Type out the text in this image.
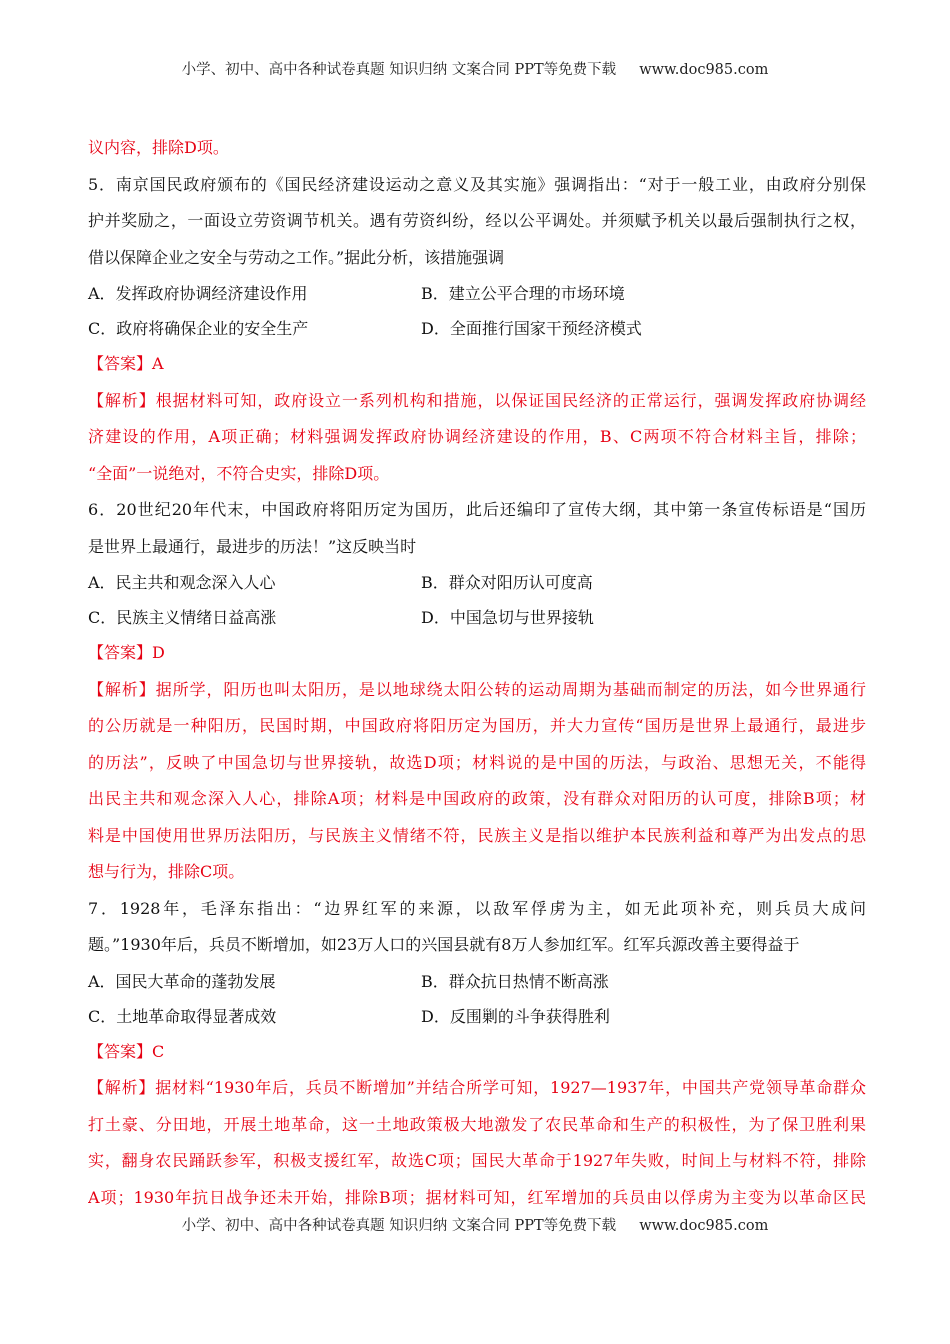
小学、初中、高中各种试卷真题 知识归纳 文案合同 PPT等免费下载     www.doc985.com
议内容，排除D项。
5．南京国民政府颁布的《国民经济建设运动之意义及其实施》强调指出：“对于一般工业，由政府分别保
护并奖励之，一面设立劳资调节机关。遇有劳资纠纷，经以公平调处。并须赋予机关以最后强制执行之权，
借以保障企业之安全与劳动之工作。”据此分析，该措施强调
A．发挥政府协调经济建设作用	B．建立公平合理的市场环境
C．政府将确保企业的安全生产	D．全面推行国家干预经济模式
【答案】A
【解析】根据材料可知，政府设立一系列机构和措施，以保证国民经济的正常运行，强调发挥政府协调经
济建设的作用，A项正确；材料强调发挥政府协调经济建设的作用，B、C两项不符合材料主旨，排除；
“全面”一说绝对，不符合史实，排除D项。
6．20世纪20年代末，中国政府将阳历定为国历，此后还编印了宣传大纲，其中第一条宣传标语是“国历
是世界上最通行，最进步的历法！”这反映当时
A．民主共和观念深入人心	B．群众对阳历认可度高
C．民族主义情绪日益高涨	D．中国急切与世界接轨
【答案】D
【解析】据所学，阳历也叫太阳历，是以地球绕太阳公转的运动周期为基础而制定的历法，如今世界通行
的公历就是一种阳历，民国时期，中国政府将阳历定为国历，并大力宣传“国历是世界上最通行，最进步
的历法”，反映了中国急切与世界接轨，故选D项；材料说的是中国的历法，与政治、思想无关，不能得
出民主共和观念深入人心，排除A项；材料是中国政府的政策，没有群众对阳历的认可度，排除B项；材
料是中国使用世界历法阳历，与民族主义情绪不符，民族主义是指以维护本民族利益和尊严为出发点的思
想与行为，排除C项。
7．1928年，毛泽东指出：“边界红军的来源，以敌军俘虏为主，如无此项补充，则兵员大成问
题。”1930年后，兵员不断增加，如23万人口的兴国县就有8万人参加红军。红军兵源改善主要得益于
A．国民大革命的蓬勃发展	B．群众抗日热情不断高涨
C．土地革命取得显著成效	D．反围剿的斗争获得胜利
【答案】C
【解析】据材料“1930年后，兵员不断增加”并结合所学可知，1927—1937年，中国共产党领导革命群众
打土豪、分田地，开展土地革命，这一土地政策极大地激发了农民革命和生产的积极性，为了保卫胜利果
实，翻身农民踊跃参军，积极支援红军，故选C项；国民大革命于1927年失败，时间上与材料不符，排除
A项；1930年抗日战争还未开始，排除B项；据材料可知，红军增加的兵员由以俘虏为主变为以革命区民
小学、初中、高中各种试卷真题 知识归纳 文案合同 PPT等免费下载     www.doc985.com
